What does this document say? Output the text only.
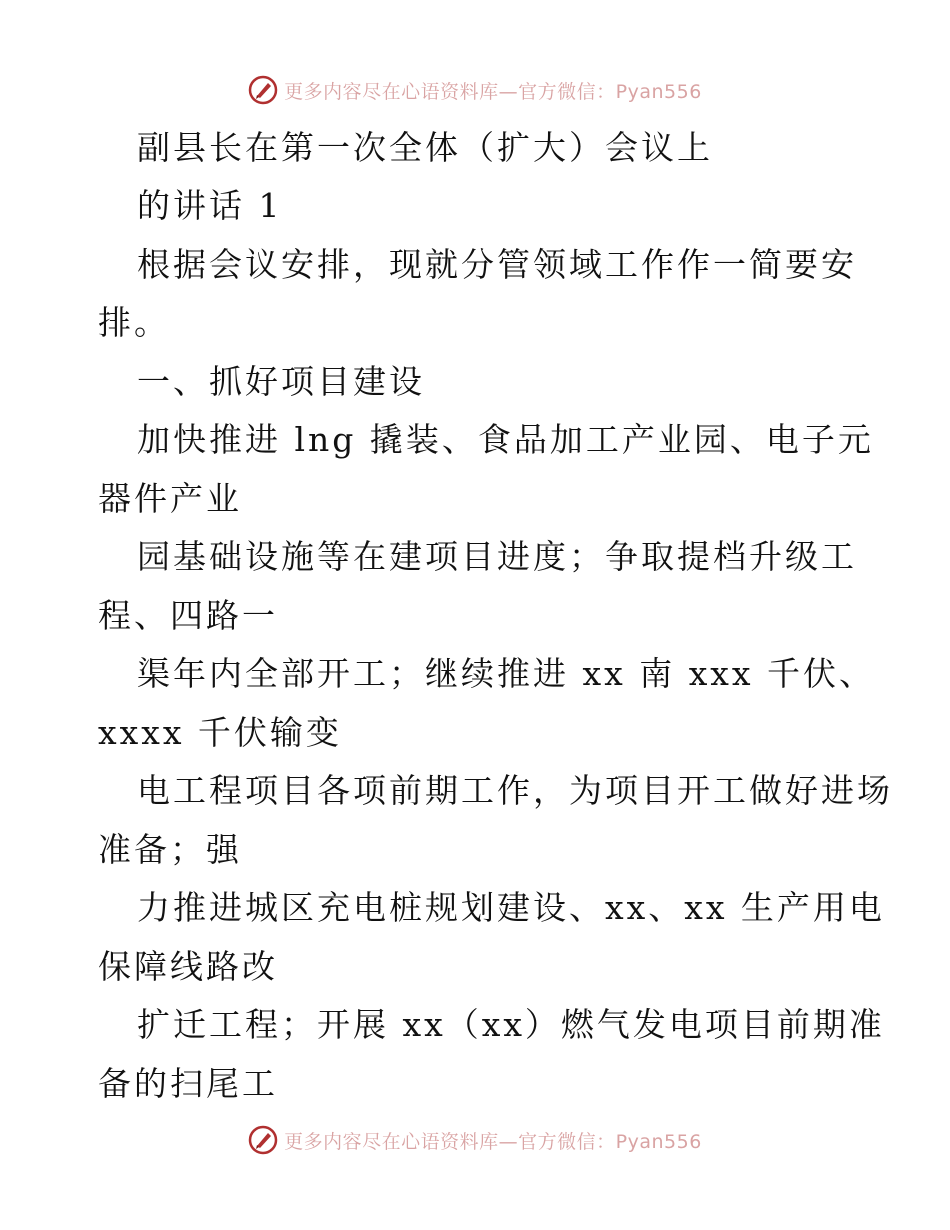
更多内容尽在心语资料库—官方微信：Pyan556
副县长在第一次全体（扩大）会议上
的讲话 1
根据会议安排，现就分管领域工作作一简要安
排。
一、抓好项目建设
加快推进 lng 撬装、食品加工产业园、电子元
器件产业
园基础设施等在建项目进度；争取提档升级工
程、四路一
渠年内全部开工；继续推进 xx 南 xxx 千伏、
xxxx 千伏输变
电工程项目各项前期工作，为项目开工做好进场
准备；强
力推进城区充电桩规划建设、xx、xx 生产用电
保障线路改
扩迁工程；开展 xx（xx）燃气发电项目前期准
备的扫尾工
更多内容尽在心语资料库—官方微信：Pyan556
